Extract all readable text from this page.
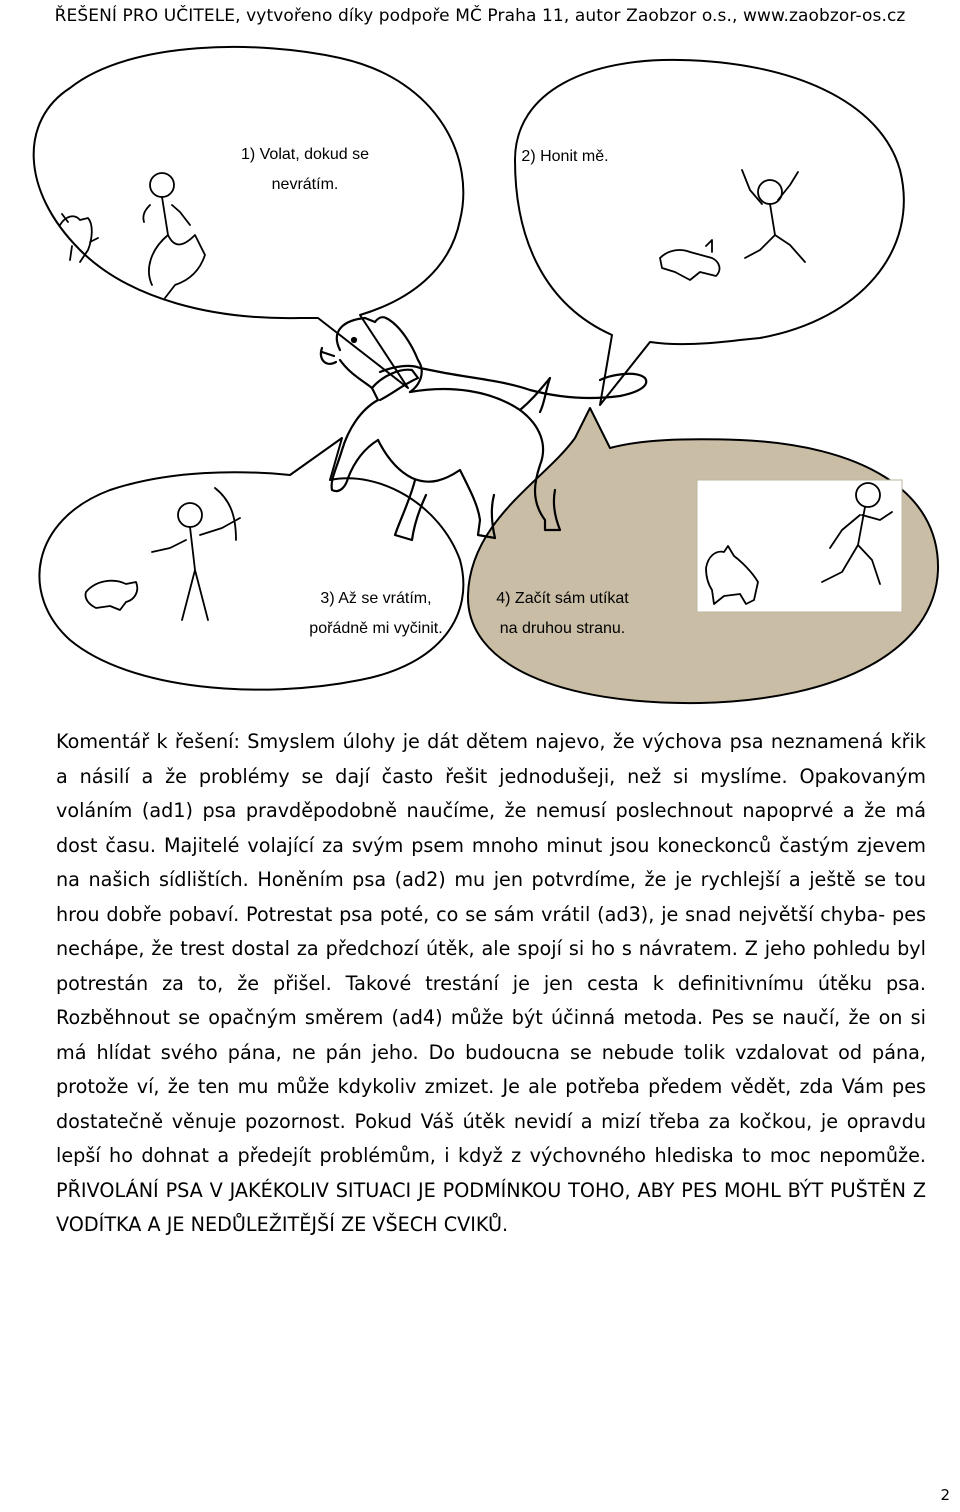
ŘEŠENÍ PRO UČITELE, vytvořeno díky podpoře MČ Praha 11, autor Zaobzor o.s., www.zaobzor-os.cz
1) Volat, dokud se
nevrátím.
2) Honit mě.
3) Až se vrátím,
pořádně mi vyčinit.
4) Začít sám utíkat
na druhou stranu.

Komentář k řešení: Smyslem úlohy je dát dětem najevo, že výchova psa neznamená křik a násilí a že problémy se dají často řešit jednodušeji, než si myslíme. Opakovaným voláním (ad1) psa pravděpodobně naučíme, že nemusí poslechnout napoprvé a že má dost času. Majitelé volající za svým psem mnoho minut jsou koneckonců častým zjevem na našich sídlištích. Honěním psa (ad2) mu jen potvrdíme, že je rychlejší a ještě se tou hrou dobře pobaví. Potrestat psa poté, co se sám vrátil (ad3), je snad největší chyba- pes nechápe, že trest dostal za předchozí útěk, ale spojí si ho s návratem. Z jeho pohledu byl potrestán za to, že přišel. Takové trestání je jen cesta k definitivnímu útěku psa. Rozběhnout se opačným směrem (ad4) může být účinná metoda. Pes se naučí, že on si má hlídat svého pána, ne pán jeho. Do budoucna se nebude tolik vzdalovat od pána, protože ví, že ten mu může kdykoliv zmizet. Je ale potřeba předem vědět, zda Vám pes dostatečně věnuje pozornost. Pokud Váš útěk nevidí a mizí třeba za kočkou, je opravdu lepší ho dohnat a předejít problémům, i když z výchovného hlediska to moc nepomůže. PŘIVOLÁNÍ PSA V JAKÉKOLIV SITUACI JE PODMÍNKOU TOHO, ABY PES MOHL BÝT PUŠTĚN Z VODÍTKA A JE NEDŮLEŽITĚJŠÍ ZE VŠECH CVIKŮ.

2
